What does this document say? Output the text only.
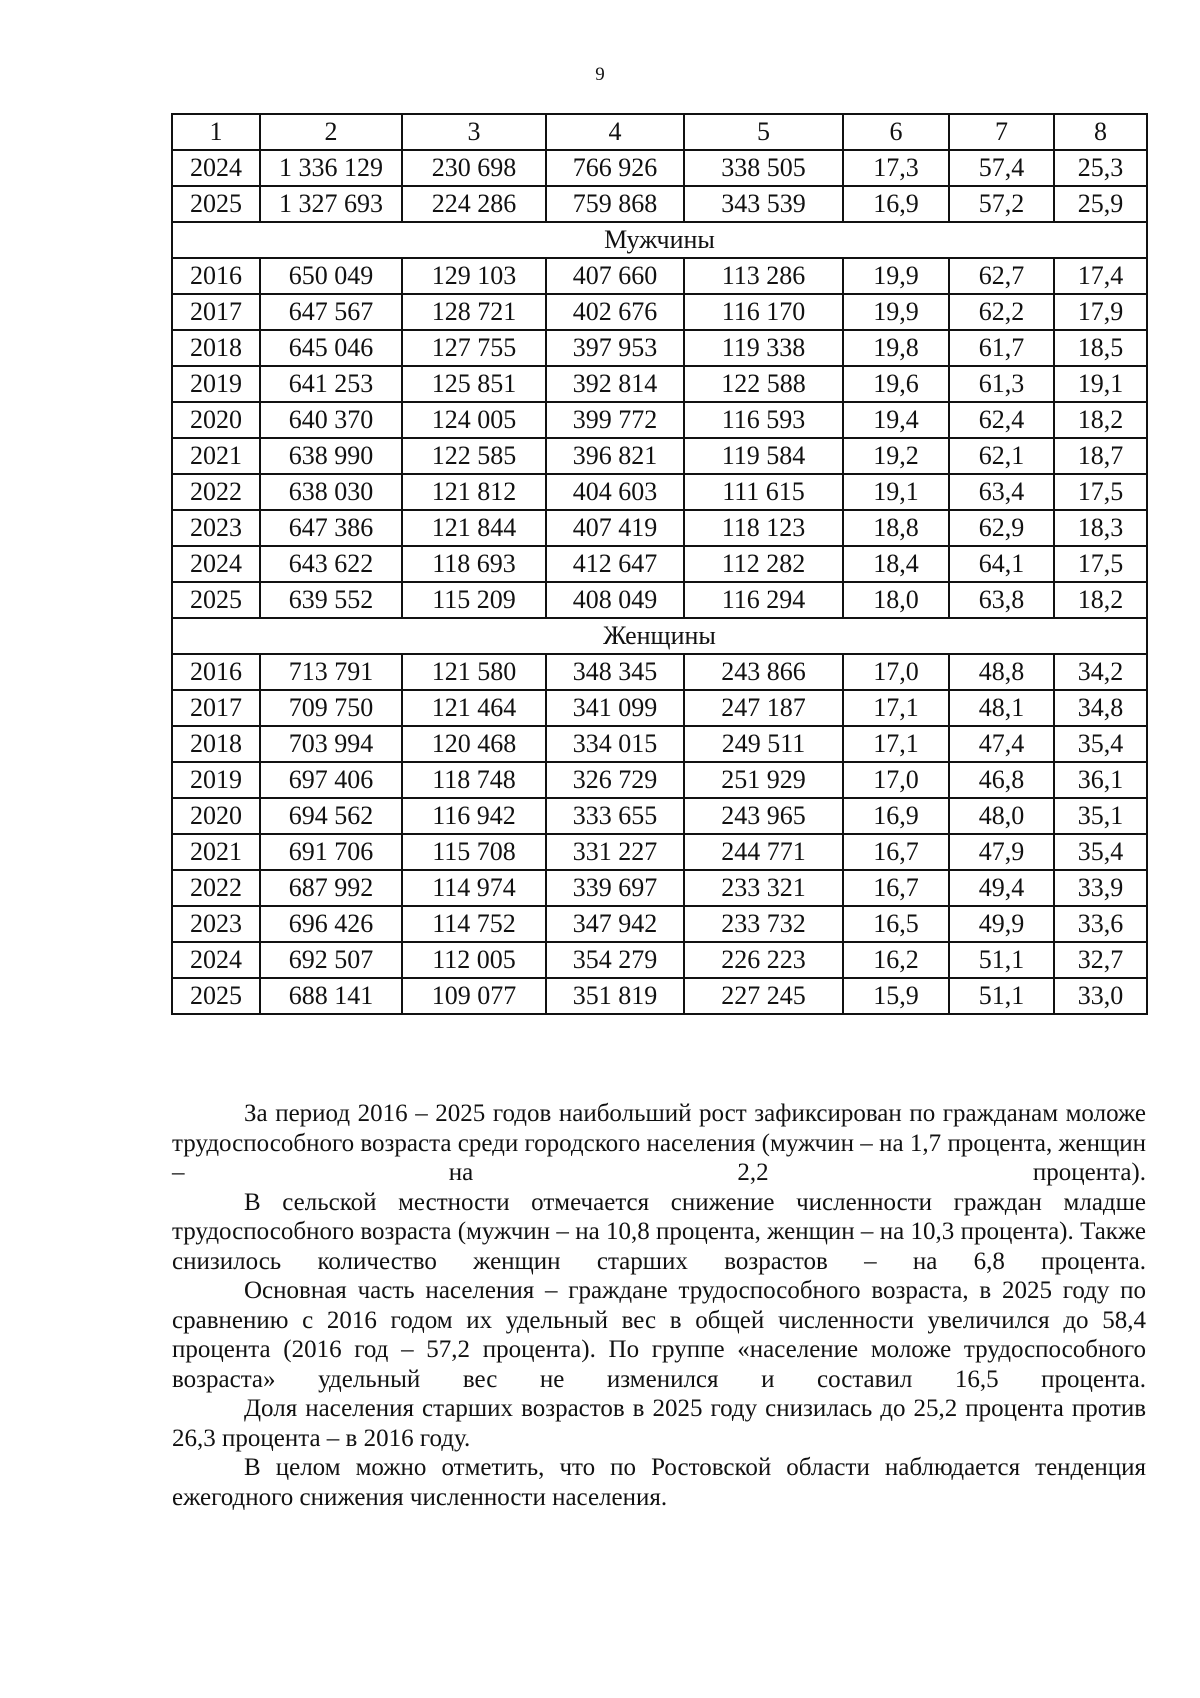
9
1	2	3	4	5	6	7	8
2024	1 336 129	230 698	766 926	338 505	17,3	57,4	25,3
2025	1 327 693	224 286	759 868	343 539	16,9	57,2	25,9
Мужчины							
2016	650 049	129 103	407 660	113 286	19,9	62,7	17,4
2017	647 567	128 721	402 676	116 170	19,9	62,2	17,9
2018	645 046	127 755	397 953	119 338	19,8	61,7	18,5
2019	641 253	125 851	392 814	122 588	19,6	61,3	19,1
2020	640 370	124 005	399 772	116 593	19,4	62,4	18,2
2021	638 990	122 585	396 821	119 584	19,2	62,1	18,7
2022	638 030	121 812	404 603	111 615	19,1	63,4	17,5
2023	647 386	121 844	407 419	118 123	18,8	62,9	18,3
2024	643 622	118 693	412 647	112 282	18,4	64,1	17,5
2025	639 552	115 209	408 049	116 294	18,0	63,8	18,2
Женщины							
2016	713 791	121 580	348 345	243 866	17,0	48,8	34,2
2017	709 750	121 464	341 099	247 187	17,1	48,1	34,8
2018	703 994	120 468	334 015	249 511	17,1	47,4	35,4
2019	697 406	118 748	326 729	251 929	17,0	46,8	36,1
2020	694 562	116 942	333 655	243 965	16,9	48,0	35,1
2021	691 706	115 708	331 227	244 771	16,7	47,9	35,4
2022	687 992	114 974	339 697	233 321	16,7	49,4	33,9
2023	696 426	114 752	347 942	233 732	16,5	49,9	33,6
2024	692 507	112 005	354 279	226 223	16,2	51,1	32,7
2025	688 141	109 077	351 819	227 245	15,9	51,1	33,0

За период 2016 – 2025 годов наибольший рост зафиксирован по гражданам моложе трудоспособного возраста среди городского населения (мужчин – на 1,7 процента, женщин – на 2,2 процента).

В сельской местности отмечается снижение численности граждан младше трудоспособного возраста (мужчин – на 10,8 процента, женщин – на 10,3 процента). Также снизилось количество женщин старших возрастов – на 6,8 процента.

Основная часть населения – граждане трудоспособного возраста, в 2025 году по сравнению с 2016 годом их удельный вес в общей численности увеличился до 58,4 процента (2016 год – 57,2 процента). По группе «население моложе трудоспособного возраста» удельный вес не изменился и составил 16,5 процента.

Доля населения старших возрастов в 2025 году снизилась до 25,2 процента против 26,3 процента – в 2016 году.

В целом можно отметить, что по Ростовской области наблюдается тенденция ежегодного снижения численности населения.
